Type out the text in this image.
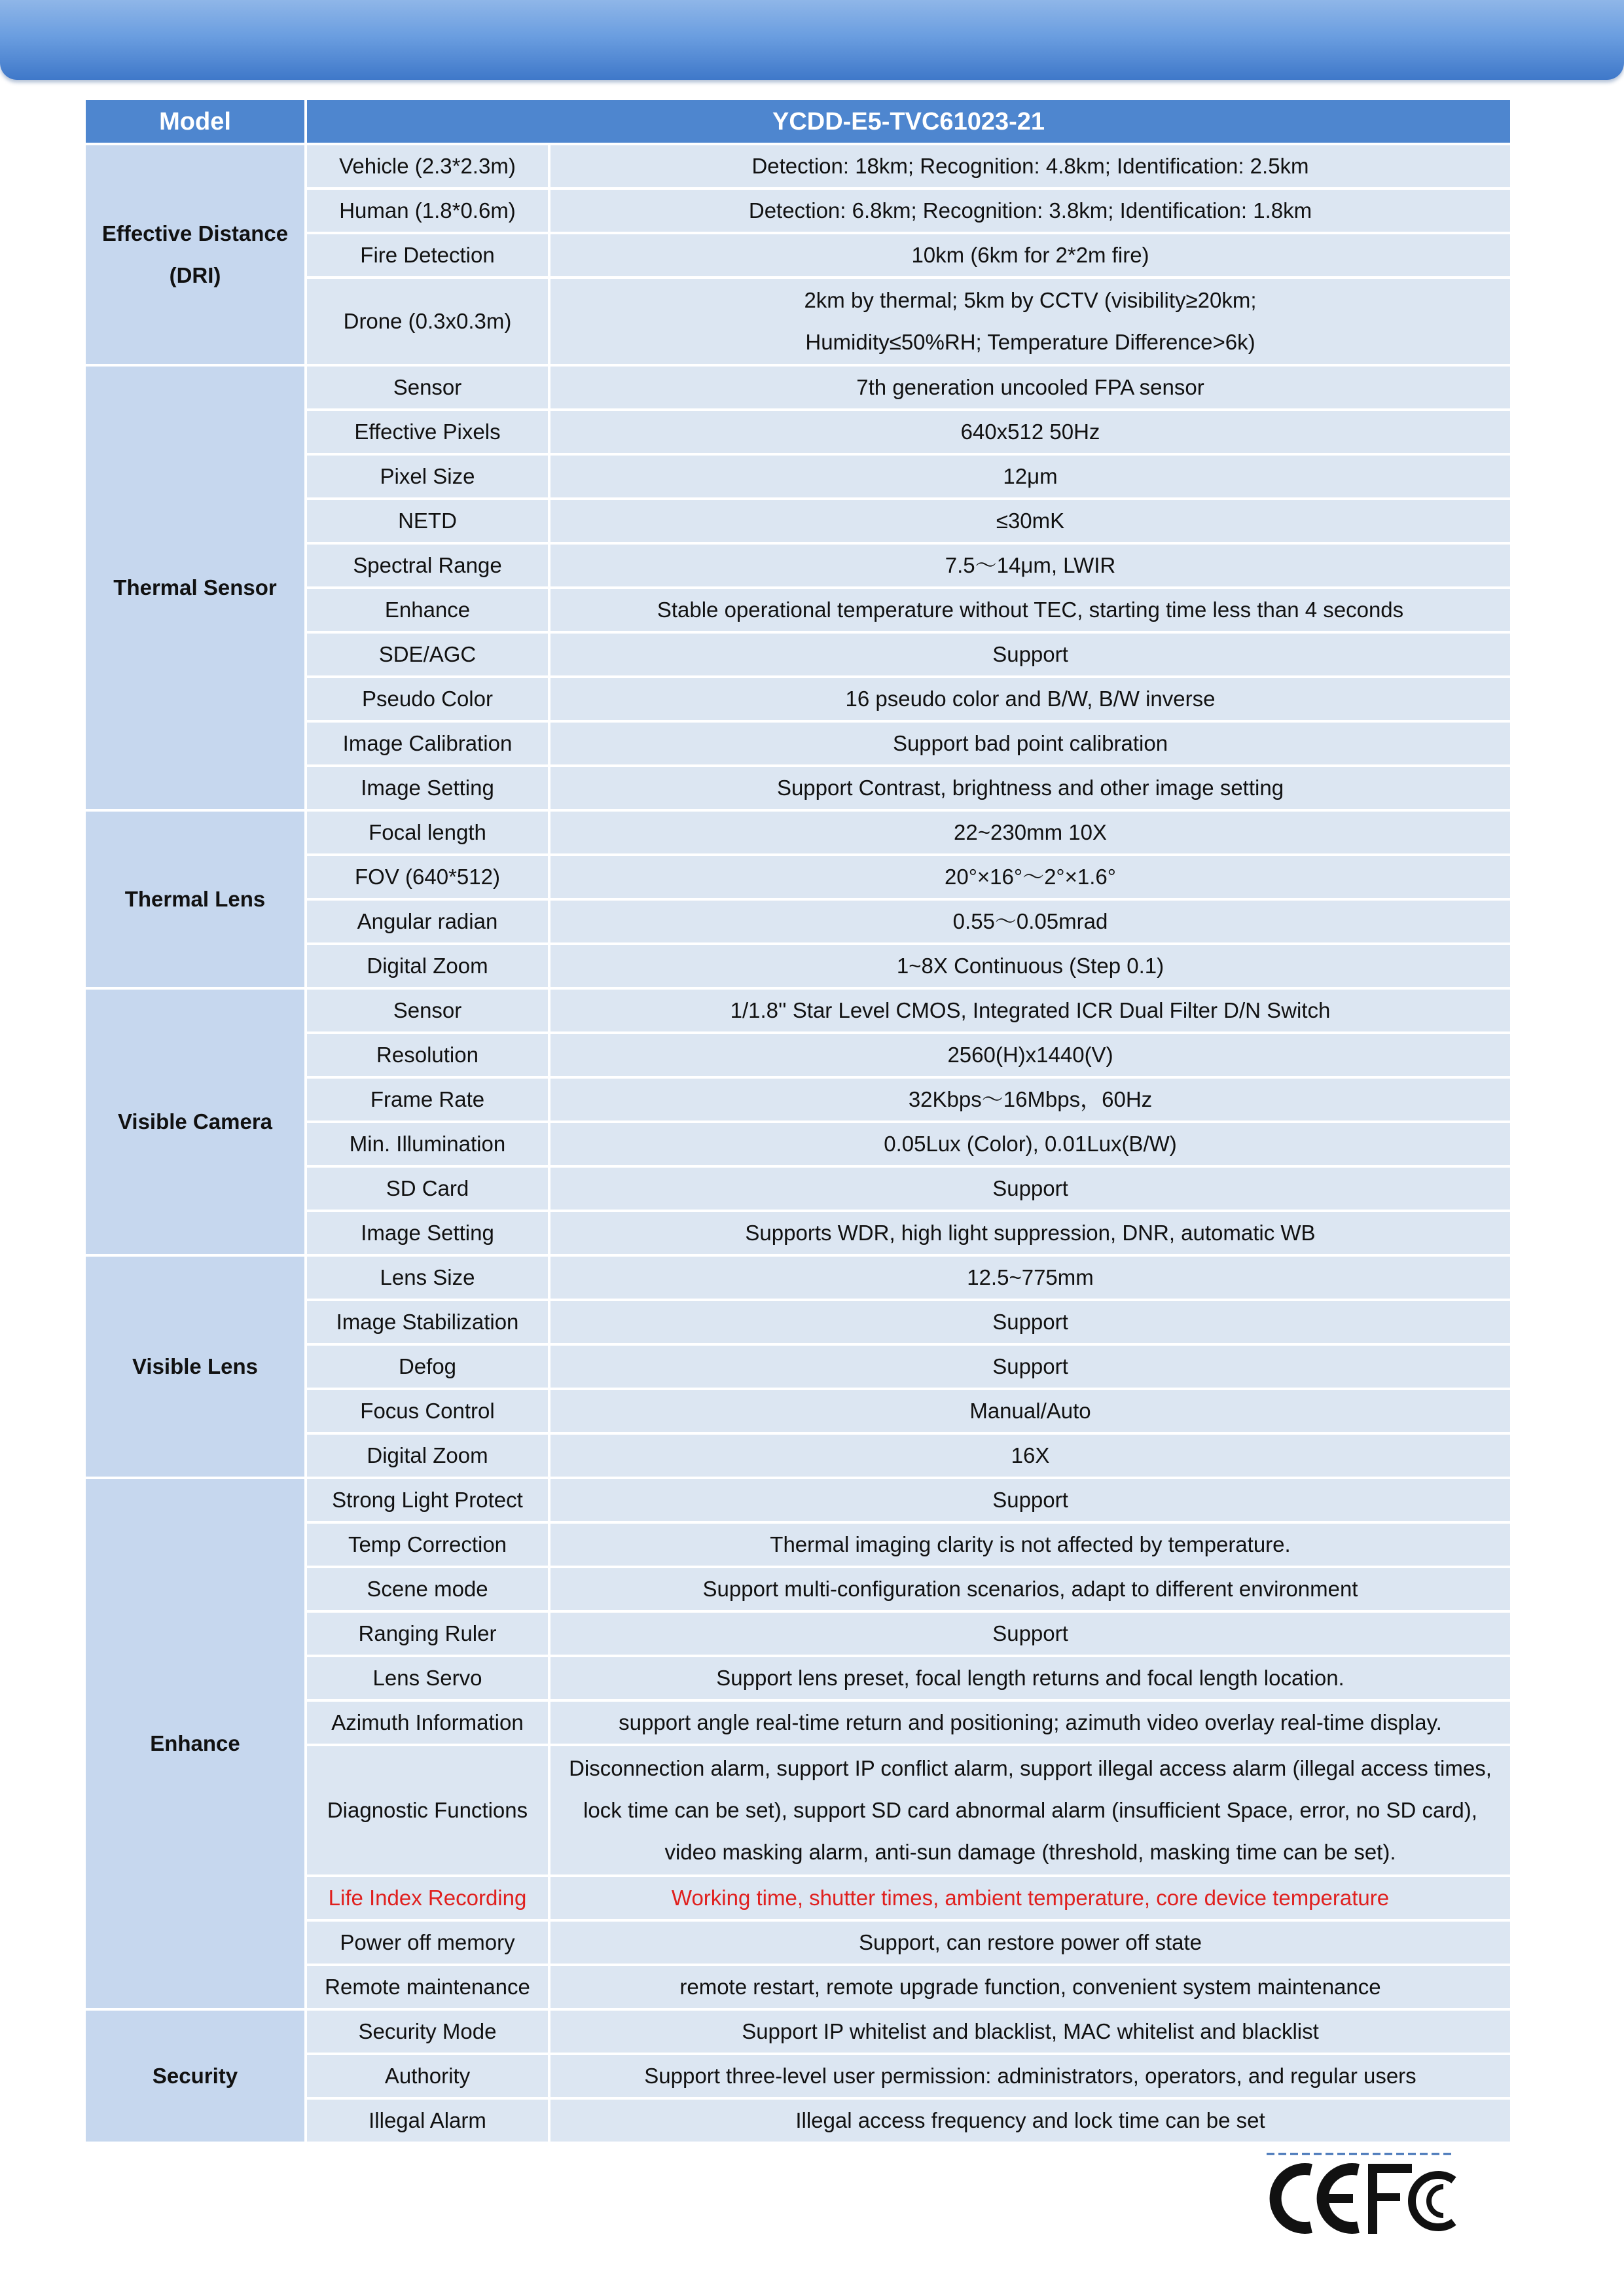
Model	YCDD-E5-TVC61023-21	
Effective Distance (DRI)	Vehicle (2.3*2.3m)	Detection: 18km; Recognition: 4.8km; Identification: 2.5km
	Human (1.8*0.6m)	Detection: 6.8km; Recognition: 3.8km; Identification: 1.8km
	Fire Detection	10km (6km for 2*2m fire)
	Drone (0.3x0.3m)	2km by thermal; 5km by CCTV (visibility≥20km; Humidity≤50%RH; Temperature Difference>6k)
Thermal Sensor	Sensor	7th generation uncooled FPA sensor
	Effective Pixels	640x512 50Hz
	Pixel Size	12μm
	NETD	≤30mK
	Spectral Range	7.5～14μm, LWIR
	Enhance	Stable operational temperature without TEC, starting time less than 4 seconds
	SDE/AGC	Support
	Pseudo Color	16 pseudo color and B/W, B/W inverse
	Image Calibration	Support bad point calibration
	Image Setting	Support Contrast, brightness and other image setting
Thermal Lens	Focal length	22~230mm 10X
	FOV (640*512)	20°×16°～2°×1.6°
	Angular radian	0.55～0.05mrad
	Digital Zoom	1~8X Continuous (Step 0.1)
Visible Camera	Sensor	1/1.8'' Star Level CMOS, Integrated ICR Dual Filter D/N Switch
	Resolution	2560(H)x1440(V)
	Frame Rate	32Kbps～16Mbps，60Hz
	Min. Illumination	0.05Lux (Color), 0.01Lux(B/W)
	SD Card	Support
	Image Setting	Supports WDR, high light suppression, DNR, automatic WB
Visible Lens	Lens Size	12.5~775mm
	Image Stabilization	Support
	Defog	Support
	Focus Control	Manual/Auto
	Digital Zoom	16X
Enhance	Strong Light Protect	Support
	Temp Correction	Thermal imaging clarity is not affected by temperature.
	Scene mode	Support multi-configuration scenarios, adapt to different environment
	Ranging Ruler	Support
	Lens Servo	Support lens preset, focal length returns and focal length location.
	Azimuth Information	support angle real-time return and positioning; azimuth video overlay real-time display.
	Diagnostic Functions	Disconnection alarm, support IP conflict alarm, support illegal access alarm (illegal access times, lock time can be set), support SD card abnormal alarm (insufficient Space, error, no SD card), video masking alarm, anti-sun damage (threshold, masking time can be set).
	Life Index Recording	Working time, shutter times, ambient temperature, core device temperature
	Power off memory	Support, can restore power off state
	Remote maintenance	remote restart, remote upgrade function, convenient system maintenance
Security	Security Mode	Support IP whitelist and blacklist, MAC whitelist and blacklist
	Authority	Support three-level user permission: administrators, operators, and regular users
	Illegal Alarm	Illegal access frequency and lock time can be set
